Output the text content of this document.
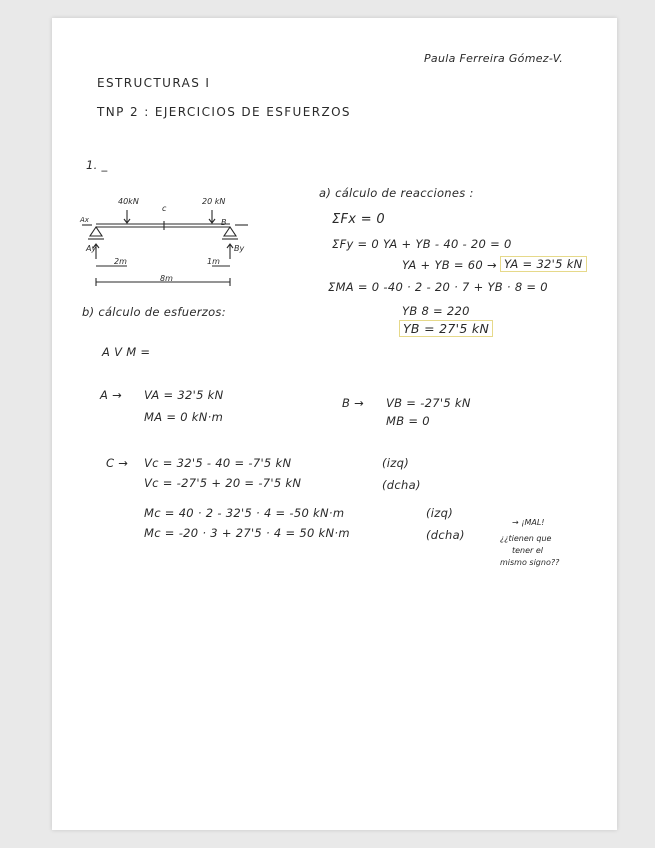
Paula Ferreira Gómez-V.
ESTRUCTURAS I
TNP 2 : EJERCICIOS DE ESFUERZOS
1. _
40kN	20 kN
c
B
Ax
Ay	By
2m	1m
8m
a) cálculo de reacciones :
ΣFx = 0
ΣFy = 0 YA + YB - 40 - 20 = 0
YA + YB = 60 → YA = 32'5 kN
ΣMA = 0 -40 · 2 - 20 · 7 + YB · 8 = 0
YB 8 = 220
YB = 27'5 kN
b) cálculo de esfuerzos:
A V M =
A → VA = 32'5 kN
MA = 0 kN·m
B → VB = -27'5 kN
MB = 0
C → Vc = 32'5 - 40 = -7'5 kN	(izq)
Vc = -27'5 + 20 = -7'5 kN	(dcha)
Mc = 40 · 2 - 32'5 · 4 = -50 kN·m	(izq)
Mc = -20 · 3 + 27'5 · 4 = 50 kN·m	(dcha)
→ ¡MAL!
¿¿tienen que
tener el
mismo signo??
